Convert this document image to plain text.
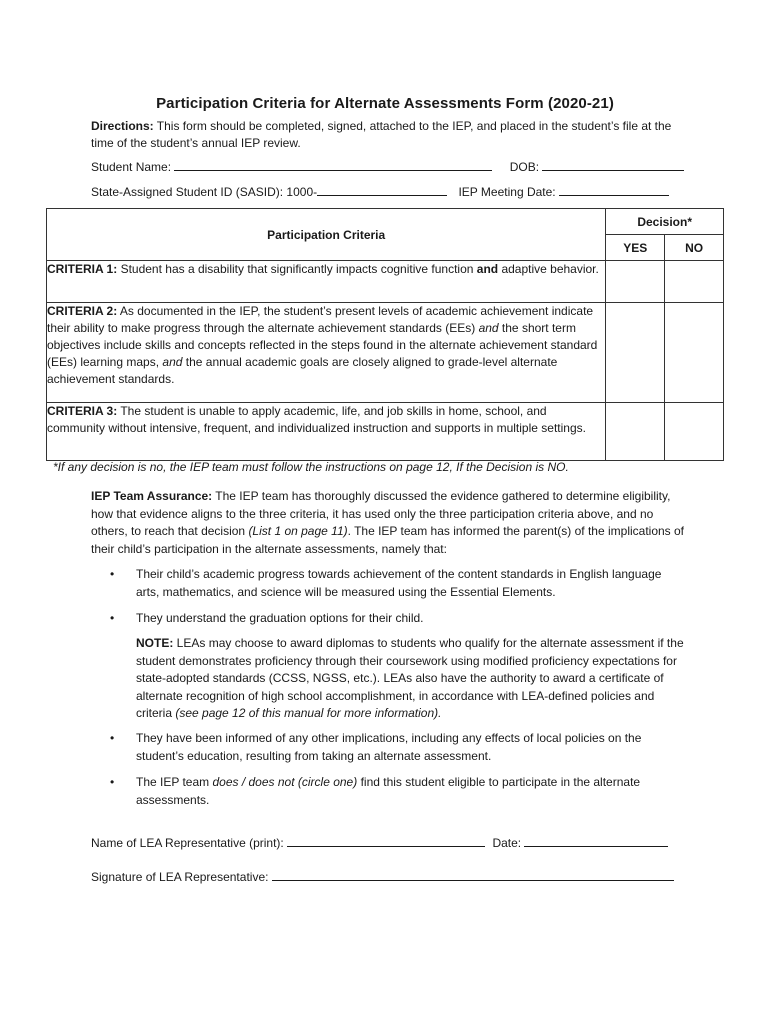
Participation Criteria for Alternate Assessments Form (2020-21)
Directions: This form should be completed, signed, attached to the IEP, and placed in the student’s file at the time of the student’s annual IEP review.
Student Name:	DOB:
State-Assigned Student ID (SASID): 1000-	IEP Meeting Date:
Participation Criteria	Decision*	
	YES	NO
CRITERIA 1: Student has a disability that significantly impacts cognitive function and adaptive behavior.		
CRITERIA 2: As documented in the IEP, the student’s present levels of academic achievement indicate their ability to make progress through the alternate achievement standards (EEs) and the short term objectives include skills and concepts reflected in the steps found in the alternate achievement standard (EEs) learning maps, and the annual academic goals are closely aligned to grade-level alternate achievement standards.		
CRITERIA 3: The student is unable to apply academic, life, and job skills in home, school, and community without intensive, frequent, and individualized instruction and supports in multiple settings.		
*If any decision is no, the IEP team must follow the instructions on page 12, If the Decision is NO.
IEP Team Assurance: The IEP team has thoroughly discussed the evidence gathered to determine eligibility, how that evidence aligns to the three criteria, it has used only the three participation criteria above, and no others, to reach that decision (List 1 on page 11). The IEP team has informed the parent(s) of the implications of their child’s participation in the alternate assessments, namely that:
• Their child’s academic progress towards achievement of the content standards in English language arts, mathematics, and science will be measured using the Essential Elements.
• They understand the graduation options for their child.
NOTE: LEAs may choose to award diplomas to students who qualify for the alternate assessment if the student demonstrates proficiency through their coursework using modified proficiency expectations for state-adopted standards (CCSS, NGSS, etc.). LEAs also have the authority to award a certificate of alternate recognition of high school accomplishment, in accordance with LEA-defined policies and criteria (see page 12 of this manual for more information).
• They have been informed of any other implications, including any effects of local policies on the student’s education, resulting from taking an alternate assessment.
• The IEP team does / does not (circle one) find this student eligible to participate in the alternate assessments.
Name of LEA Representative (print):	Date:
Signature of LEA Representative:
